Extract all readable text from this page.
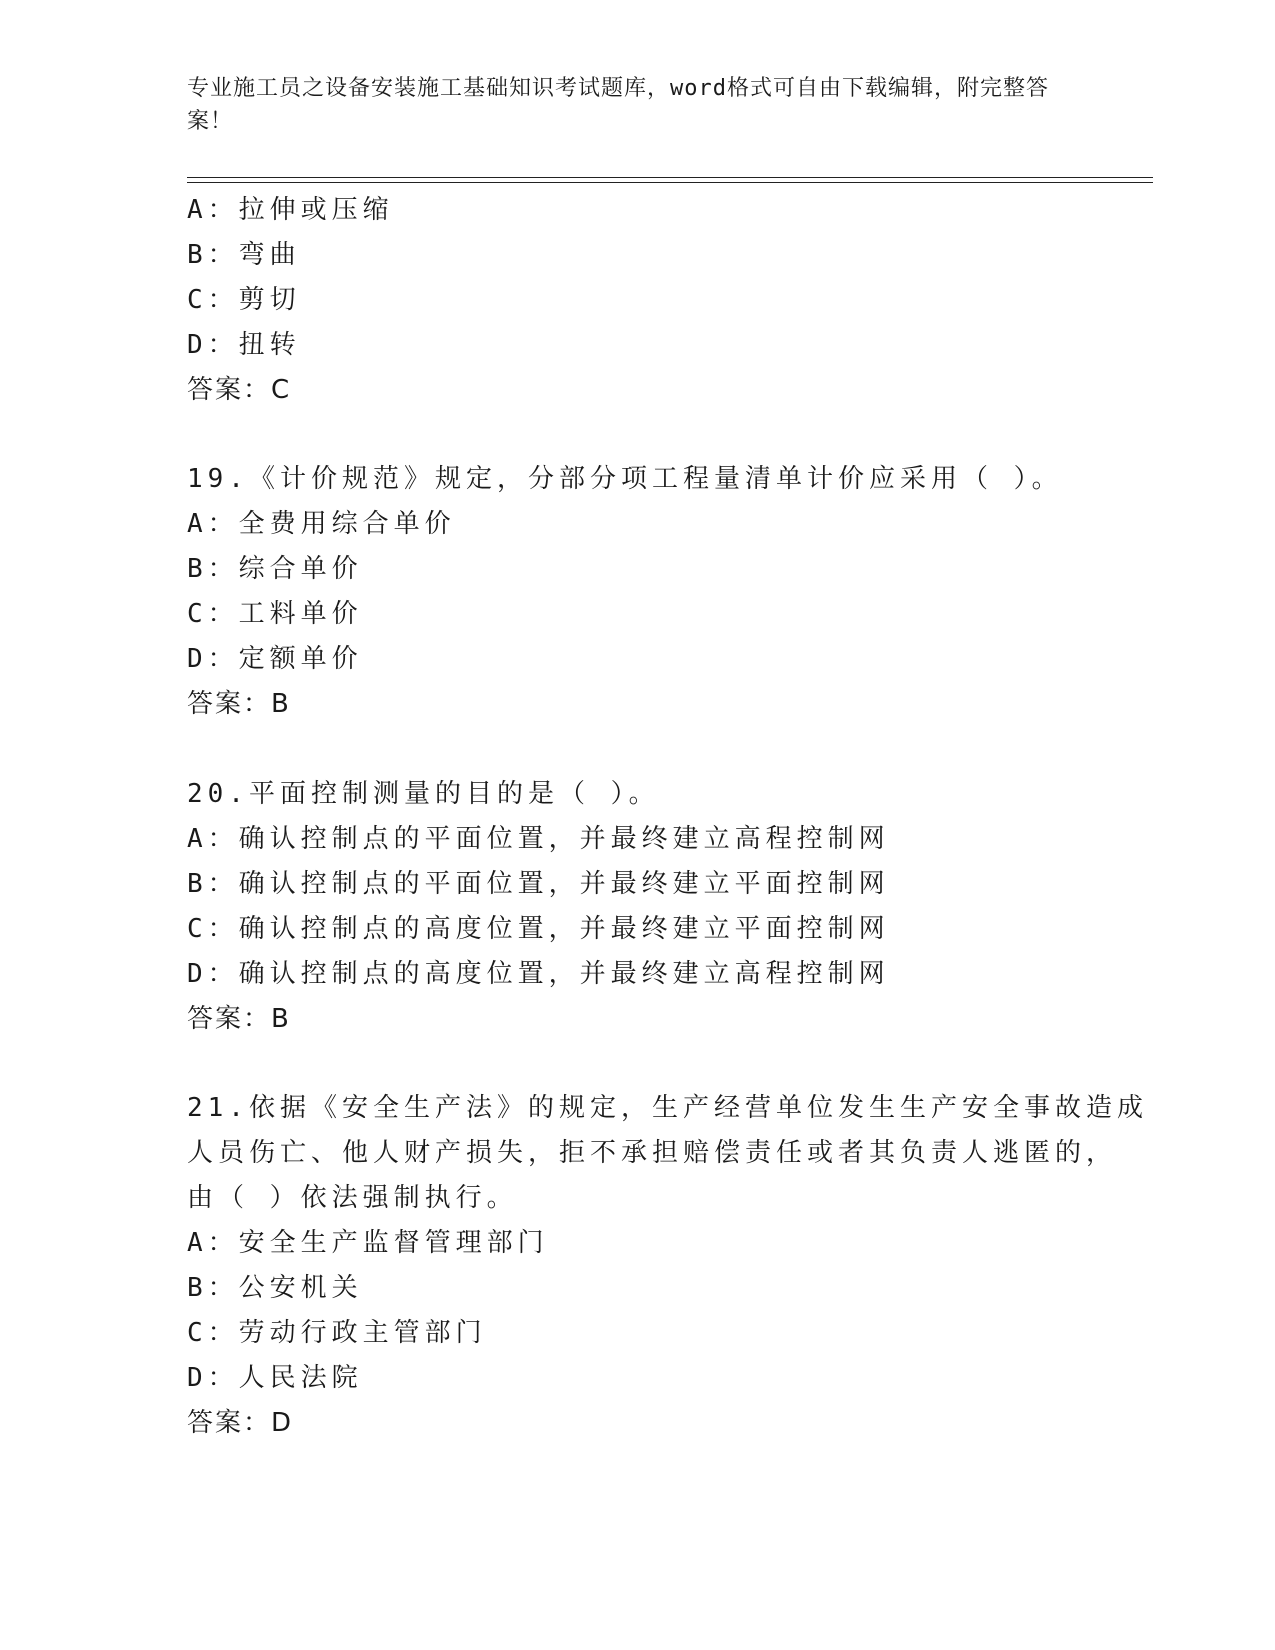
专业施工员之设备安装施工基础知识考试题库，word格式可自由下载编辑，附完整答案！
A：拉伸或压缩
B：弯曲
C：剪切
D：扭转
答案：C
19.《计价规范》规定，分部分项工程量清单计价应采用（ ）。
A：全费用综合单价
B：综合单价
C：工料单价
D：定额单价
答案：B
20.平面控制测量的目的是（ ）。
A：确认控制点的平面位置，并最终建立高程控制网
B：确认控制点的平面位置，并最终建立平面控制网
C：确认控制点的高度位置，并最终建立平面控制网
D：确认控制点的高度位置，并最终建立高程控制网
答案：B
21.依据《安全生产法》的规定，生产经营单位发生生产安全事故造成
人员伤亡、他人财产损失，拒不承担赔偿责任或者其负责人逃匿的，
由（ ）依法强制执行。
A：安全生产监督管理部门
B：公安机关
C：劳动行政主管部门
D：人民法院
答案：D
